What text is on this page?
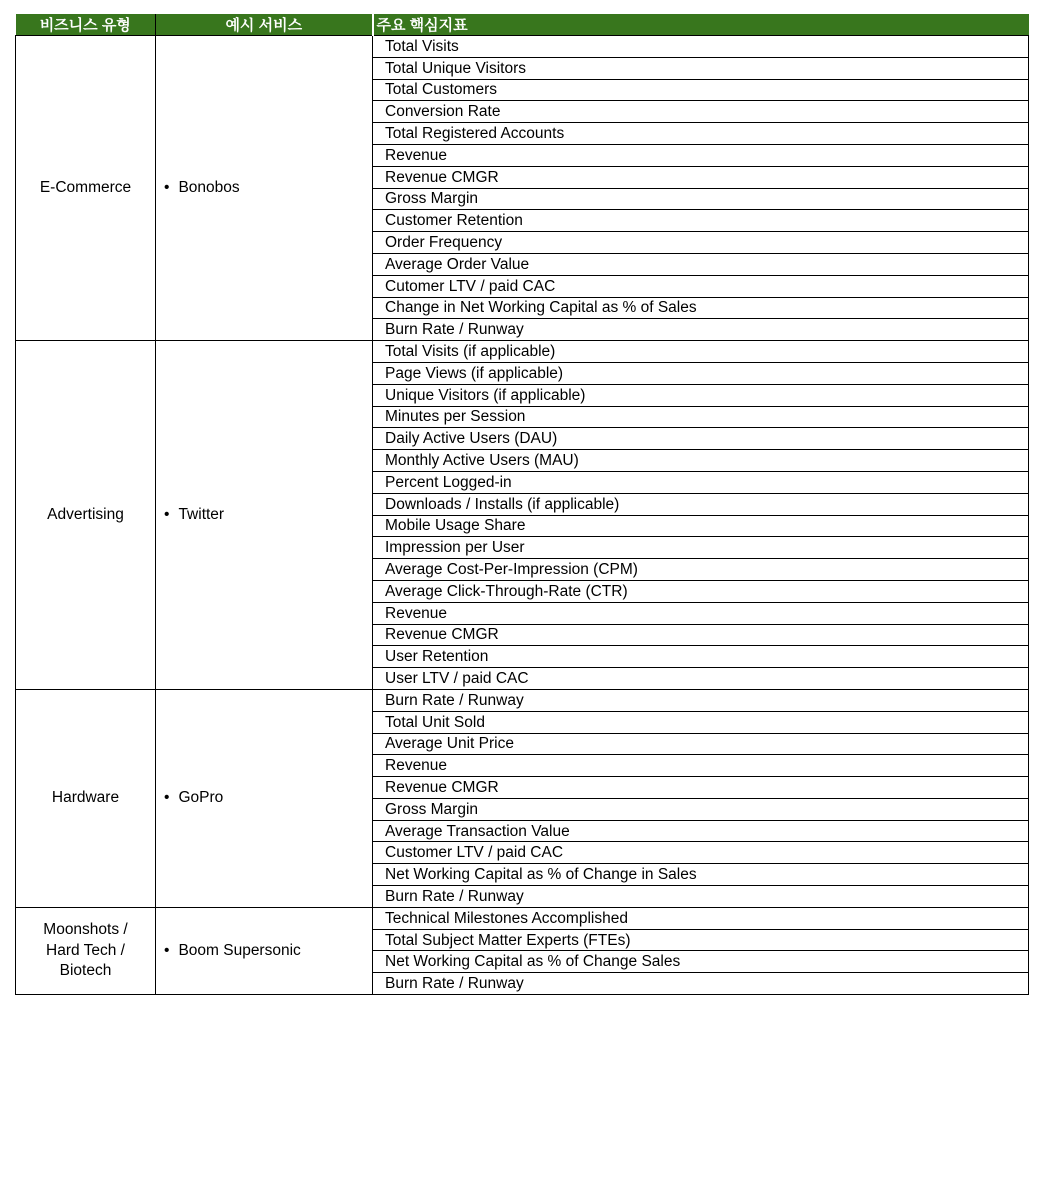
비즈니스 유형	예시 서비스	주요 핵심지표

E-Commerce	• Bonobos	Total Visits
		Total Unique Visitors
		Total Customers
		Conversion Rate
		Total Registered Accounts
		Revenue
		Revenue CMGR
		Gross Margin
		Customer Retention
		Order Frequency
		Average Order Value
		Cutomer LTV / paid CAC
		Change in Net Working Capital as % of Sales
		Burn Rate / Runway

Advertising	• Twitter	Total Visits (if applicable)
		Page Views (if applicable)
		Unique Visitors (if applicable)
		Minutes per Session
		Daily Active Users (DAU)
		Monthly Active Users (MAU)
		Percent Logged-in
		Downloads / Installs (if applicable)
		Mobile Usage Share
		Impression per User
		Average Cost-Per-Impression (CPM)
		Average Click-Through-Rate (CTR)
		Revenue
		Revenue CMGR
		User Retention
		User LTV / paid CAC

Hardware	• GoPro	Burn Rate / Runway
		Total Unit Sold
		Average Unit Price
		Revenue
		Revenue CMGR
		Gross Margin
		Average Transaction Value
		Customer LTV / paid CAC
		Net Working Capital as % of Change in Sales
		Burn Rate / Runway

Moonshots / Hard Tech / Biotech	• Boom Supersonic	Technical Milestones Accomplished
		Total Subject Matter Experts (FTEs)
		Net Working Capital as % of Change Sales
		Burn Rate / Runway
